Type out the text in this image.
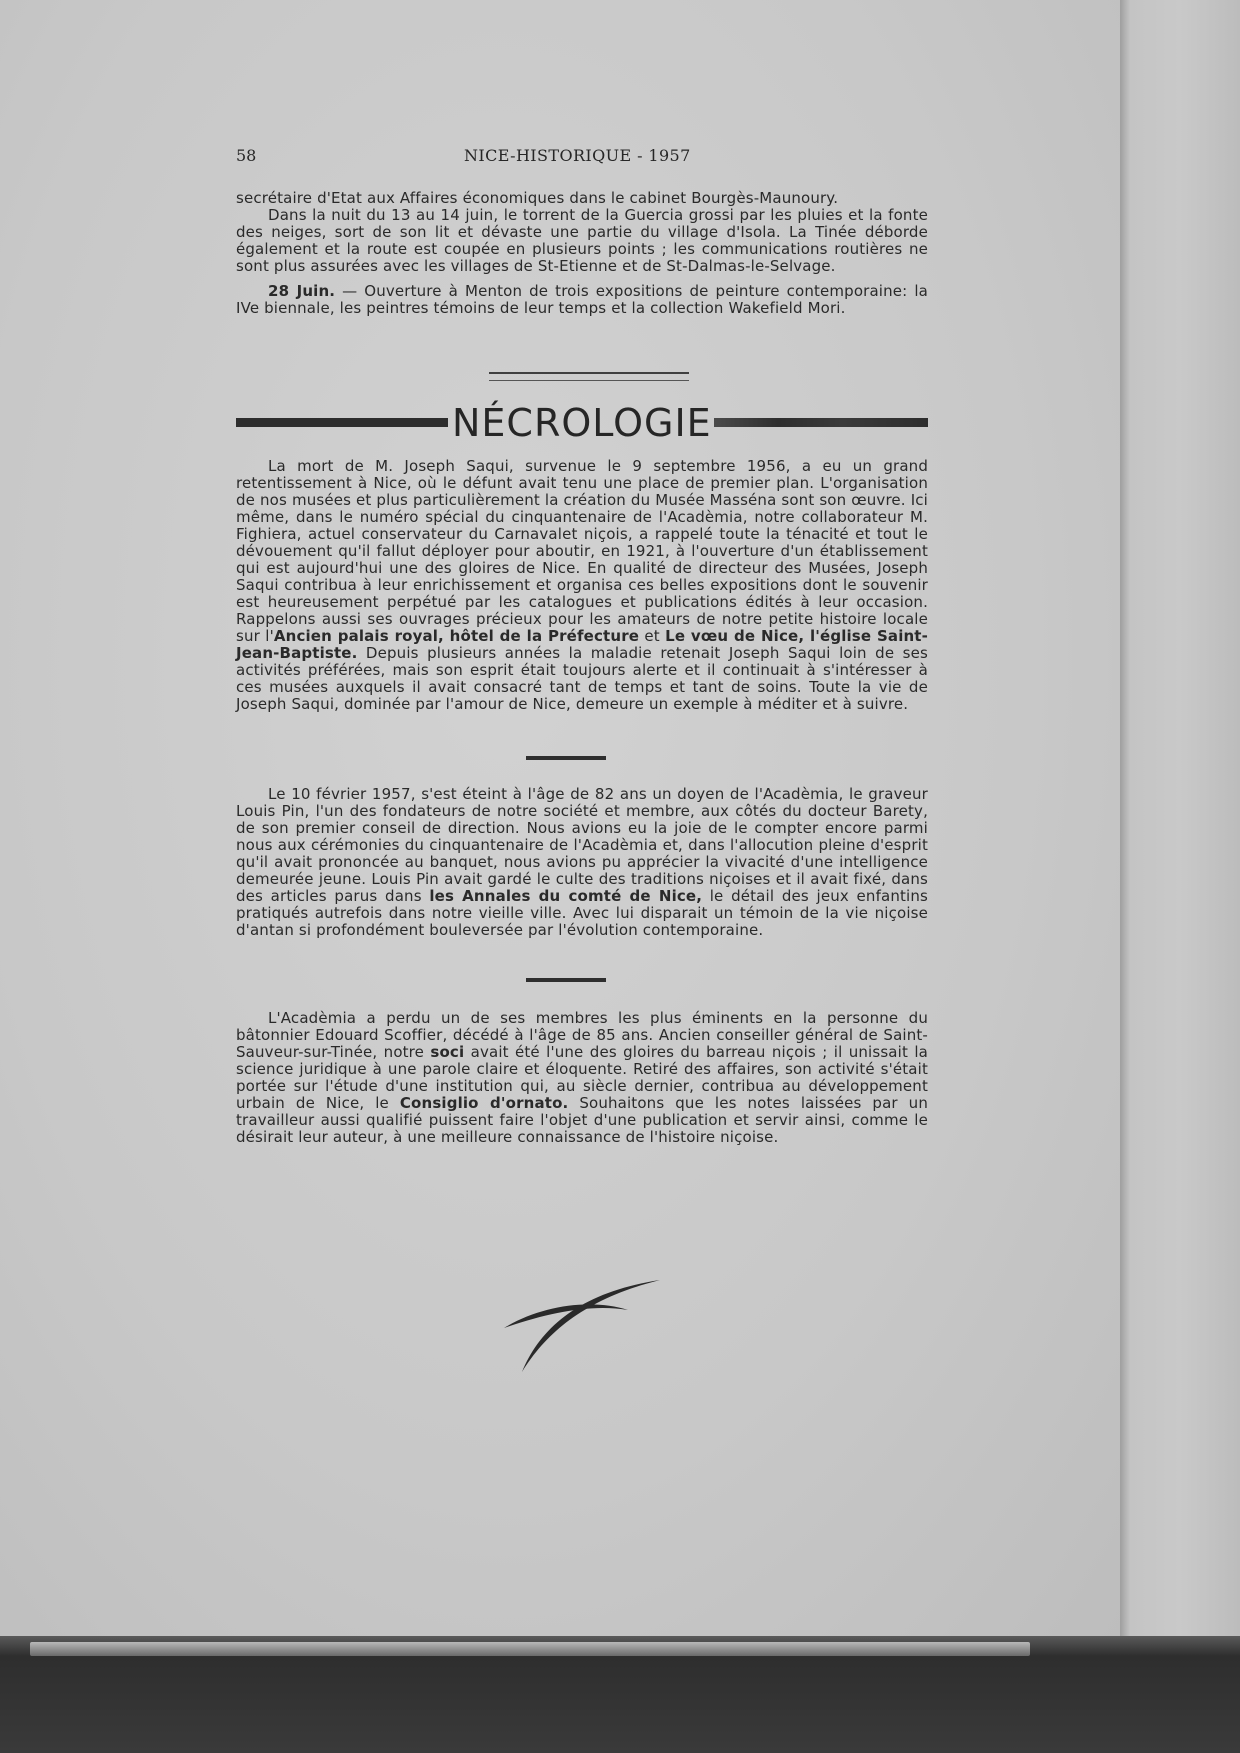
58	NICE-HISTORIQUE - 1957

secrétaire d'Etat aux Affaires économiques dans le cabinet Bourgès-Maunoury.

Dans la nuit du 13 au 14 juin, le torrent de la Guercia grossi par les pluies et la fonte des neiges, sort de son lit et dévaste une partie du village d'Isola. La Tinée déborde également et la route est coupée en plusieurs points ; les communications routières ne sont plus assurées avec les villages de St-Etienne et de St-Dalmas-le-Selvage.

28 Juin. — Ouverture à Menton de trois expositions de peinture contemporaine: la IVe biennale, les peintres témoins de leur temps et la collection Wakefield Mori.

NÉCROLOGIE

La mort de M. Joseph Saqui, survenue le 9 septembre 1956, a eu un grand retentissement à Nice, où le défunt avait tenu une place de premier plan. L'organisation de nos musées et plus particulièrement la création du Musée Masséna sont son œuvre. Ici même, dans le numéro spécial du cinquantenaire de l'Acadèmia, notre collaborateur M. Fighiera, actuel conservateur du Carnavalet niçois, a rappelé toute la ténacité et tout le dévouement qu'il fallut déployer pour aboutir, en 1921, à l'ouverture d'un établissement qui est aujourd'hui une des gloires de Nice. En qualité de directeur des Musées, Joseph Saqui contribua à leur enrichissement et organisa ces belles expositions dont le souvenir est heureusement perpétué par les catalogues et publications édités à leur occasion. Rappelons aussi ses ouvrages précieux pour les amateurs de notre petite histoire locale sur l'Ancien palais royal, hôtel de la Préfecture et Le vœu de Nice, l'église Saint-Jean-Baptiste. Depuis plusieurs années la maladie retenait Joseph Saqui loin de ses activités préférées, mais son esprit était toujours alerte et il continuait à s'intéresser à ces musées auxquels il avait consacré tant de temps et tant de soins. Toute la vie de Joseph Saqui, dominée par l'amour de Nice, demeure un exemple à méditer et à suivre.

Le 10 février 1957, s'est éteint à l'âge de 82 ans un doyen de l'Acadèmia, le graveur Louis Pin, l'un des fondateurs de notre société et membre, aux côtés du docteur Barety, de son premier conseil de direction. Nous avions eu la joie de le compter encore parmi nous aux cérémonies du cinquantenaire de l'Acadèmia et, dans l'allocution pleine d'esprit qu'il avait prononcée au banquet, nous avions pu apprécier la vivacité d'une intelligence demeurée jeune. Louis Pin avait gardé le culte des traditions niçoises et il avait fixé, dans des articles parus dans les Annales du comté de Nice, le détail des jeux enfantins pratiqués autrefois dans notre vieille ville. Avec lui disparait un témoin de la vie niçoise d'antan si profondément bouleversée par l'évolution contemporaine.

L'Acadèmia a perdu un de ses membres les plus éminents en la personne du bâtonnier Edouard Scoffier, décédé à l'âge de 85 ans. Ancien conseiller général de Saint-Sauveur-sur-Tinée, notre soci avait été l'une des gloires du barreau niçois ; il unissait la science juridique à une parole claire et éloquente. Retiré des affaires, son activité s'était portée sur l'étude d'une institution qui, au siècle dernier, contribua au développement urbain de Nice, le Consiglio d'ornato. Souhaitons que les notes laissées par un travailleur aussi qualifié puissent faire l'objet d'une publication et servir ainsi, comme le désirait leur auteur, à une meilleure connaissance de l'histoire niçoise.
